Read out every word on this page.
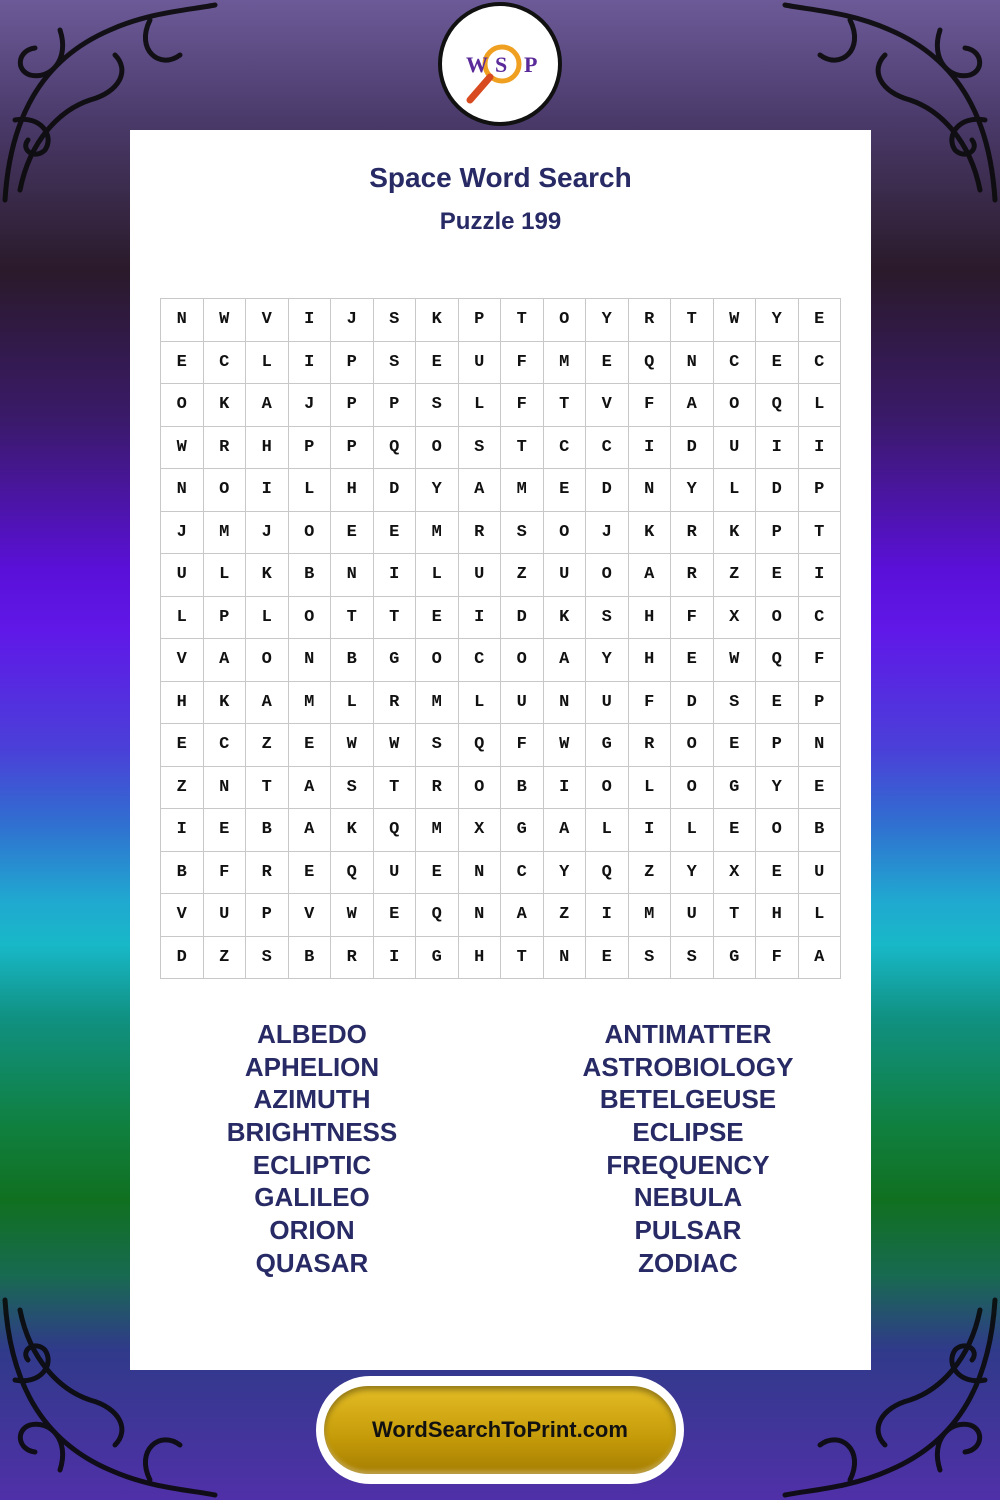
W S P
Space Word Search
Puzzle 199
N	W	V	I	J	S	K	P	T	O	Y	R	T	W	Y	E
E	C	L	I	P	S	E	U	F	M	E	Q	N	C	E	C
O	K	A	J	P	P	S	L	F	T	V	F	A	O	Q	L
W	R	H	P	P	Q	O	S	T	C	C	I	D	U	I	I
N	O	I	L	H	D	Y	A	M	E	D	N	Y	L	D	P
J	M	J	O	E	E	M	R	S	O	J	K	R	K	P	T
U	L	K	B	N	I	L	U	Z	U	O	A	R	Z	E	I
L	P	L	O	T	T	E	I	D	K	S	H	F	X	O	C
V	A	O	N	B	G	O	C	O	A	Y	H	E	W	Q	F
H	K	A	M	L	R	M	L	U	N	U	F	D	S	E	P
E	C	Z	E	W	W	S	Q	F	W	G	R	O	E	P	N
Z	N	T	A	S	T	R	O	B	I	O	L	O	G	Y	E
I	E	B	A	K	Q	M	X	G	A	L	I	L	E	O	B
B	F	R	E	Q	U	E	N	C	Y	Q	Z	Y	X	E	U
V	U	P	V	W	E	Q	N	A	Z	I	M	U	T	H	L
D	Z	S	B	R	I	G	H	T	N	E	S	S	G	F	A
ALBEDO
APHELION
AZIMUTH
BRIGHTNESS
ECLIPTIC
GALILEO
ORION
QUASAR
ANTIMATTER
ASTROBIOLOGY
BETELGEUSE
ECLIPSE
FREQUENCY
NEBULA
PULSAR
ZODIAC
WordSearchToPrint.com
